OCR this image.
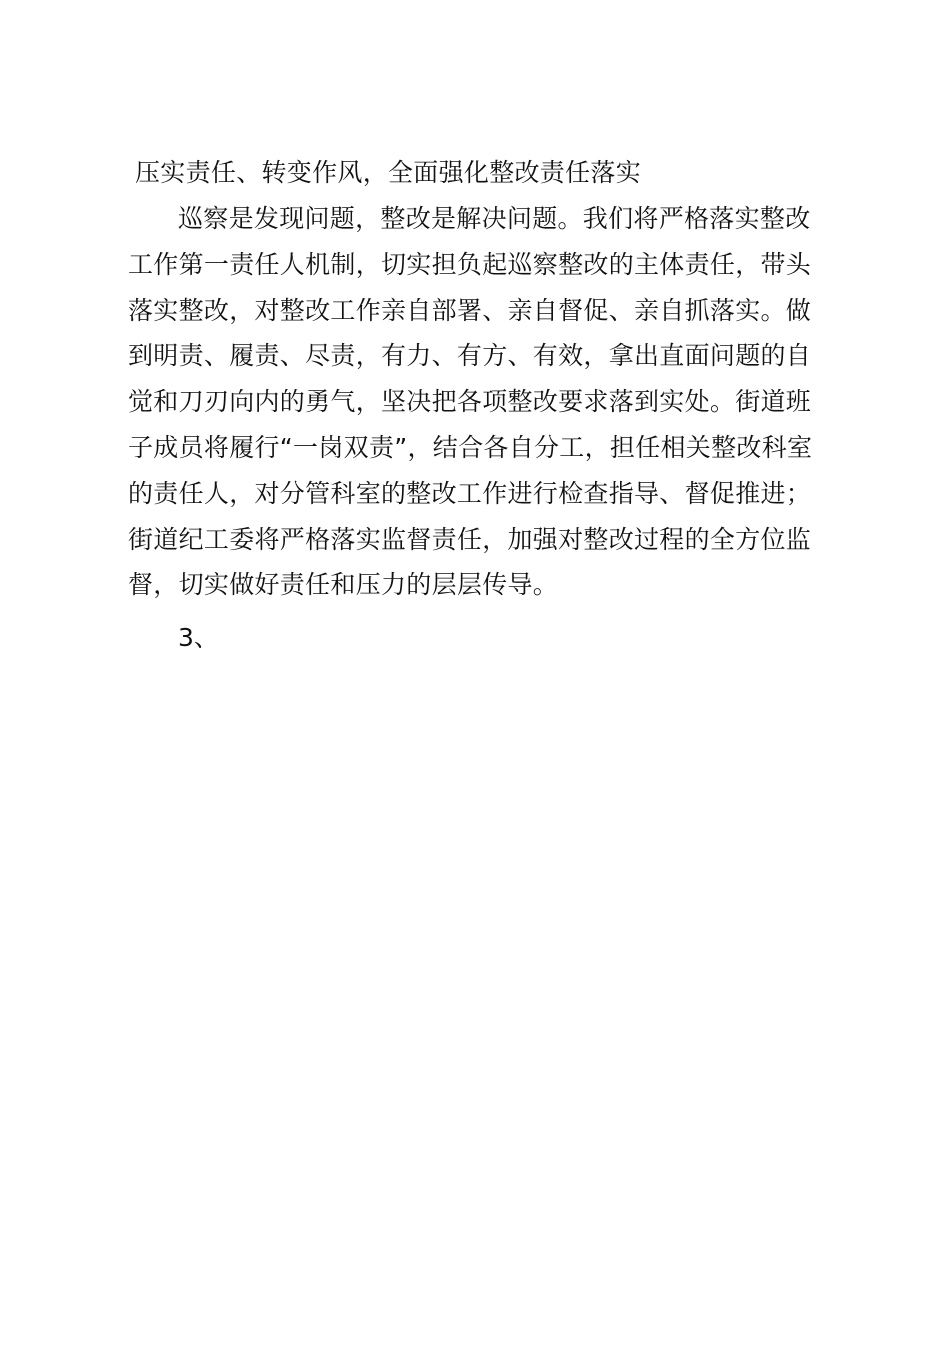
压实责任、转变作风，全面强化整改责任落实
巡察是发现问题，整改是解决问题。我们将严格落实整改
工作第一责任人机制，切实担负起巡察整改的主体责任，带头
落实整改，对整改工作亲自部署、亲自督促、亲自抓落实。做
到明责、履责、尽责，有力、有方、有效，拿出直面问题的自
觉和刀刃向内的勇气，坚决把各项整改要求落到实处。街道班
子成员将履行“一岗双责”，结合各自分工，担任相关整改科室
的责任人，对分管科室的整改工作进行检查指导、督促推进；
街道纪工委将严格落实监督责任，加强对整改过程的全方位监
督，切实做好责任和压力的层层传导。
3、
